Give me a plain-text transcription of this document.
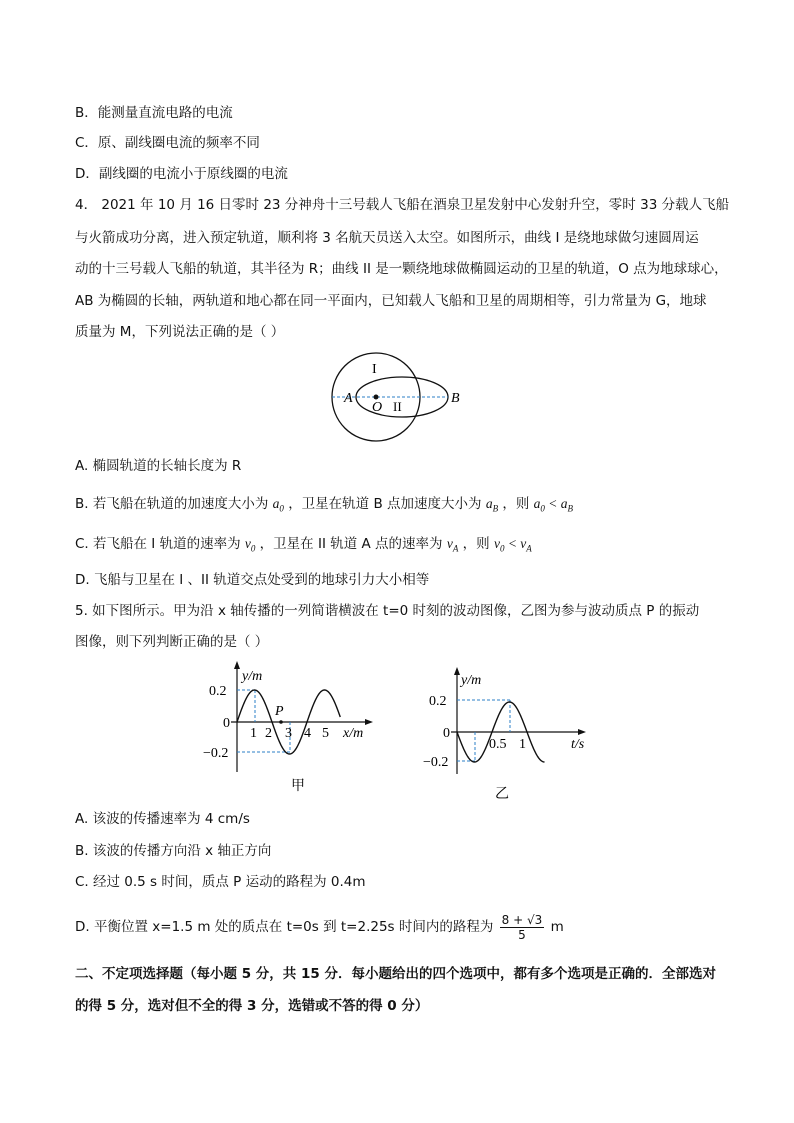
B．能测量直流电路的电流
C．原、副线圈电流的频率不同
D．副线圈的电流小于原线圈的电流
4． 2021 年 10 月 16 日零时 23 分神舟十三号载人飞船在酒泉卫星发射中心发射升空，零时 33 分载人飞船
与火箭成功分离，进入预定轨道，顺利将 3 名航天员送入太空。如图所示，曲线 I 是绕地球做匀速圆周运
动的十三号载人飞船的轨道，其半径为 R；曲线 II 是一颗绕地球做椭圆运动的卫星的轨道，O 点为地球球心，
AB 为椭圆的长轴，两轨道和地心都在同一平面内，已知载人飞船和卫星的周期相等，引力常量为 G，地球
质量为 M，下列说法正确的是（ ）
I
II
A	B
O
A. 椭圆轨道的长轴长度为 R
B. 若飞船在轨道的加速度大小为 $a_0$ ，卫星在轨道 B 点加速度大小为 $a_B$ ，则 $a_0 < a_B$
C. 若飞船在 I 轨道的速率为 $v_0$ ，卫星在 II 轨道 A 点的速率为 $v_A$ ，则 $v_0 < v_A$
D. 飞船与卫星在 I 、II 轨道交点处受到的地球引力大小相等
5. 如下图所示。甲为沿 x 轴传播的一列简谐横波在 t=0 时刻的波动图像，乙图为参与波动质点 P 的振动
图像，则下列判断正确的是（ ）
y/m
x/m
0.2
0
−0.2
1 2 3 4 5
P
甲
y/m
t/s
0.2
0
−0.2
0.5 1
乙
A. 该波的传播速率为 4 cm/s
B. 该波的传播方向沿 x 轴正方向
C. 经过 0.5 s 时间，质点 P 运动的路程为 0.4m
D. 平衡位置 x=1.5 m 处的质点在 t=0s 到 t=2.25s 时间内的路程为 $\frac{8 + √3}{5}$ m
二、不定项选择题（每小题 5 分，共 15 分．每小题给出的四个选项中，都有多个选项是正确的．全部选对
的得 5 分，选对但不全的得 3 分，选错或不答的得 0 分）
